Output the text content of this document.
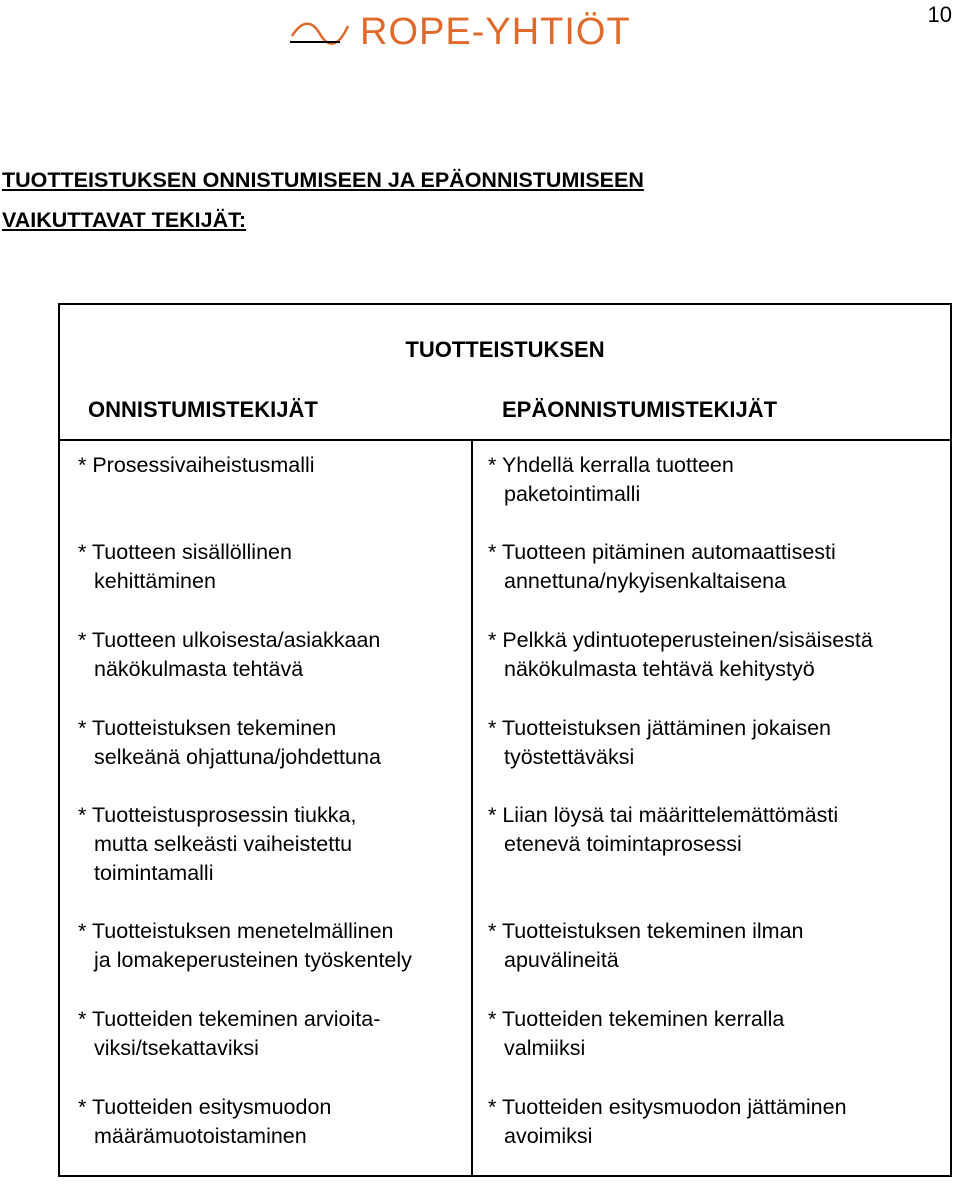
10
ROPE-YHTIÖT
TUOTTEISTUKSEN ONNISTUMISEEN JA EPÄONNISTUMISEEN
VAIKUTTAVAT TEKIJÄT:
TUOTTEISTUKSEN
ONNISTUMISTEKIJÄT	EPÄONNISTUMISTEKIJÄT
* Prosessivaiheistusmalli
* Tuotteen sisällöllinen
kehittäminen
* Tuotteen ulkoisesta/asiakkaan
näkökulmasta tehtävä
* Tuotteistuksen tekeminen
selkeänä ohjattuna/johdettuna
* Tuotteistusprosessin tiukka,
mutta selkeästi vaiheistettu
toimintamalli
* Tuotteistuksen menetelmällinen
ja lomakeperusteinen työskentely
* Tuotteiden tekeminen arvioita-
viksi/tsekattaviksi
* Tuotteiden esitysmuodon
määrämuotoistaminen
* Yhdellä kerralla tuotteen
paketointimalli
* Tuotteen pitäminen automaattisesti
annettuna/nykyisenkaltaisena
* Pelkkä ydintuoteperusteinen/sisäisestä
näkökulmasta tehtävä kehitystyö
* Tuotteistuksen jättäminen jokaisen
työstettäväksi
* Liian löysä tai määrittelemättömästi
etenevä toimintaprosessi
* Tuotteistuksen tekeminen ilman
apuvälineitä
* Tuotteiden tekeminen kerralla
valmiiksi
* Tuotteiden esitysmuodon jättäminen
avoimiksi
